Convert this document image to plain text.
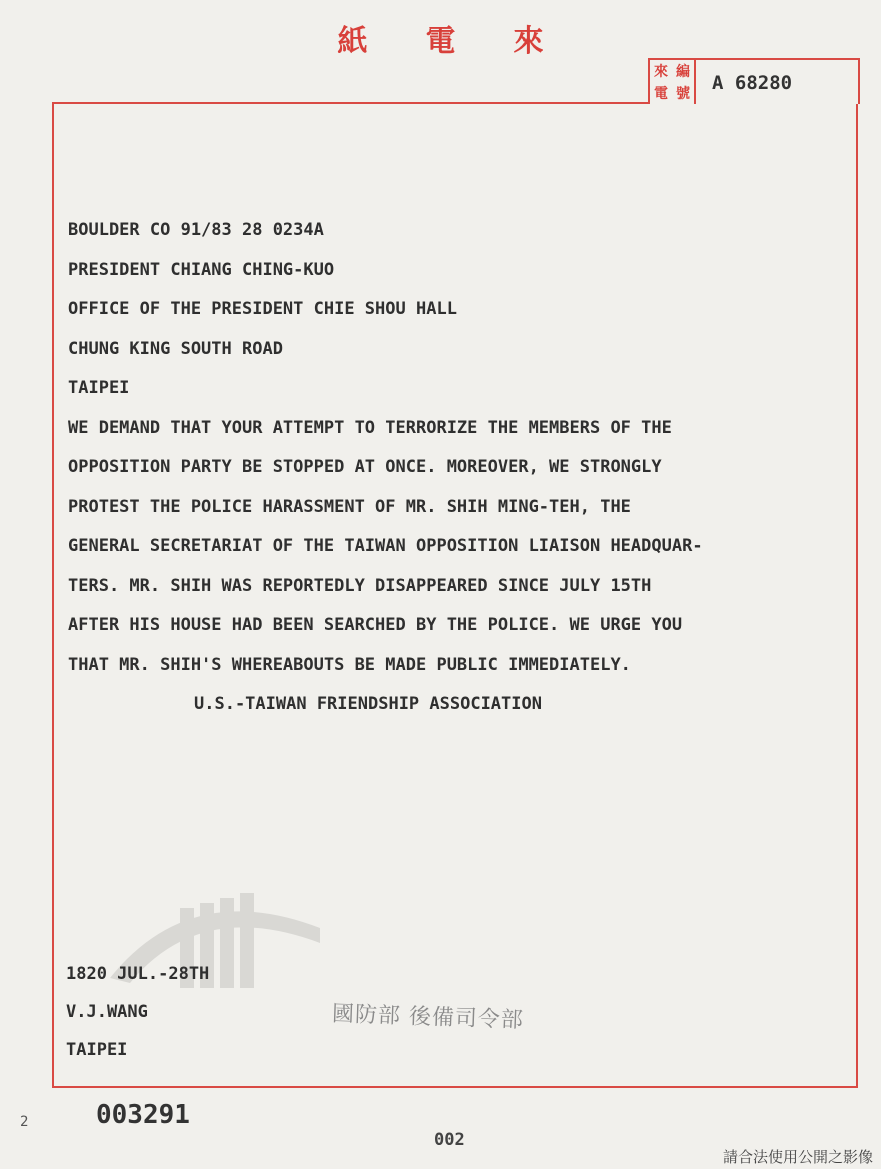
紙 電 來
來 編
電 號 A 68280
BOULDER CO 91/83 28 0234A
PRESIDENT CHIANG CHING-KUO
OFFICE OF THE PRESIDENT CHIE SHOU HALL
CHUNG KING SOUTH ROAD
TAIPEI
WE DEMAND THAT YOUR ATTEMPT TO TERRORIZE THE MEMBERS OF THE
OPPOSITION PARTY BE STOPPED AT ONCE. MOREOVER, WE STRONGLY
PROTEST THE POLICE HARASSMENT OF MR. SHIH MING-TEH, THE
GENERAL SECRETARIAT OF THE TAIWAN OPPOSITION LIAISON HEADQUAR-
TERS. MR. SHIH WAS REPORTEDLY DISAPPEARED SINCE JULY 15TH
AFTER HIS HOUSE HAD BEEN SEARCHED BY THE POLICE. WE URGE YOU
THAT MR. SHIH'S WHEREABOUTS BE MADE PUBLIC IMMEDIATELY.
U.S.-TAIWAN FRIENDSHIP ASSOCIATION
1820 JUL.-28TH
V.J.WANG
TAIPEI
國防部 後備司令部
2	003291
002
請合法使用公開之影像
